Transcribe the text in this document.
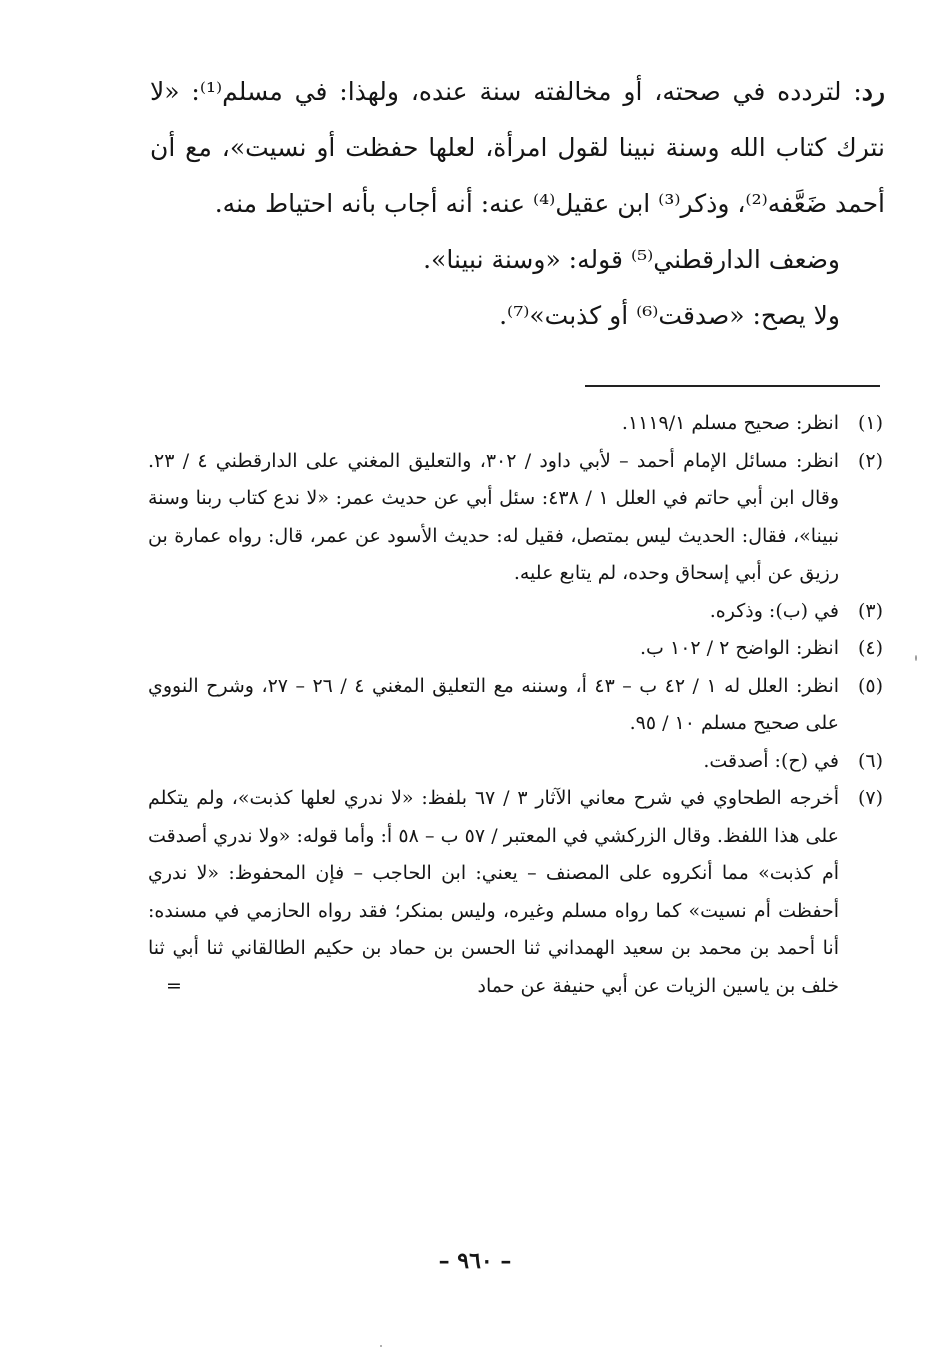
رد: لتردده في صحته، أو مخالفته سنة عنده، ولهذا: في مسلم⁽¹⁾: «لا نترك كتاب الله وسنة نبينا لقول امرأة، لعلها حفظت أو نسيت»، مع أن أحمد ضَعَّفه⁽²⁾، وذكر⁽³⁾ ابن عقيل⁽⁴⁾ عنه: أنه أجاب بأنه احتياط منه.

وضعف الدارقطني⁽⁵⁾ قوله: «وسنة نبينا».

ولا يصح: «صدقت⁽⁶⁾ أو كذبت»⁽⁷⁾.

(١)
انظر: صحيح مسلم ١١١٩/١.
(٢)
انظر: مسائل الإمام أحمد – لأبي داود / ٣٠٢، والتعليق المغني على الدارقطني ٤ / ٢٣. وقال ابن أبي حاتم في العلل ١ / ٤٣٨: سئل أبي عن حديث عمر: «لا ندع كتاب ربنا وسنة نبينا»، فقال: الحديث ليس بمتصل، فقيل له: حديث الأسود عن عمر، قال: رواه عمارة بن رزيق عن أبي إسحاق وحده، لم يتابع عليه.
(٣)
في (ب): وذكره.
(٤)
انظر: الواضح ٢ / ١٠٢ ب.
(٥)
انظر: العلل له ١ / ٤٢ ب – ٤٣ أ، وسننه مع التعليق المغني ٤ / ٢٦ – ٢٧، وشرح النووي على صحيح مسلم ١٠ / ٩٥.
(٦)
في (ح): أصدقت.
(٧)
أخرجه الطحاوي في شرح معاني الآثار ٣ / ٦٧ بلفظ: «لا ندري لعلها كذبت»، ولم يتكلم على هذا اللفظ. وقال الزركشي في المعتبر / ٥٧ ب – ٥٨ أ: وأما قوله: «ولا ندري أصدقت أم كذبت» مما أنكروه على المصنف – يعني: ابن الحاجب – فإن المحفوظ: «لا ندري أحفظت أم نسيت» كما رواه مسلم وغيره، وليس بمنكر؛ فقد رواه الحازمي في مسنده: أنا أحمد بن محمد بن سعيد الهمداني ثنا الحسن بن حماد بن حكيم الطالقاني ثنا أبي ثنا خلف بن ياسين الزيات عن أبي حنيفة عن حماد
=
– ٩٦٠ –
